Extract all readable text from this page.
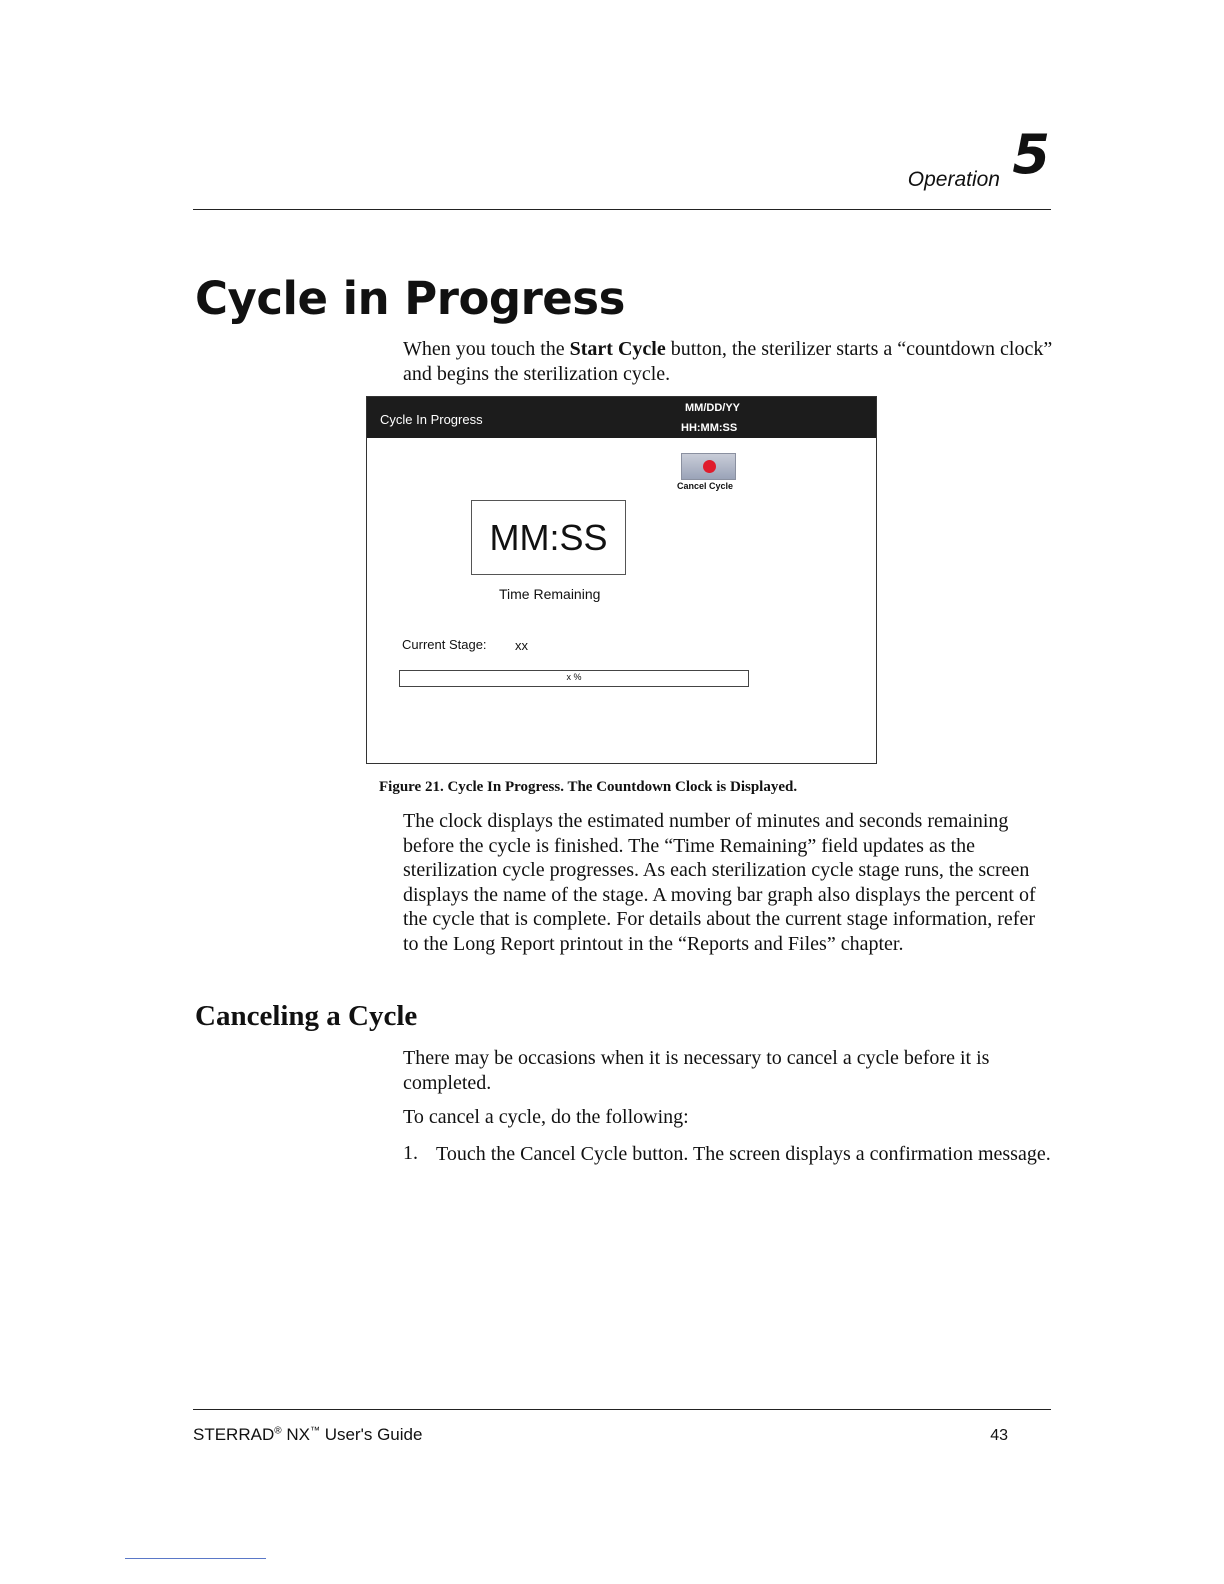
Operation 5
Cycle in Progress
When you touch the Start Cycle button, the sterilizer starts a “countdown clock” and begins the sterilization cycle.
Cycle In Progress
MM/DD/YY
HH:MM:SS
Cancel Cycle
MM:SS
Time Remaining
Current Stage: xx
x %
Figure 21. Cycle In Progress. The Countdown Clock is Displayed.
The clock displays the estimated number of minutes and seconds remaining before the cycle is finished. The “Time Remaining” field updates as the sterilization cycle progresses. As each sterilization cycle stage runs, the screen displays the name of the stage. A moving bar graph also displays the percent of the cycle that is complete. For details about the current stage information, refer to the Long Report printout in the “Reports and Files” chapter.
Canceling a Cycle
There may be occasions when it is necessary to cancel a cycle before it is completed.
To cancel a cycle, do the following:
1. Touch the Cancel Cycle button. The screen displays a confirmation message.
STERRAD® NX™ User's Guide	43
